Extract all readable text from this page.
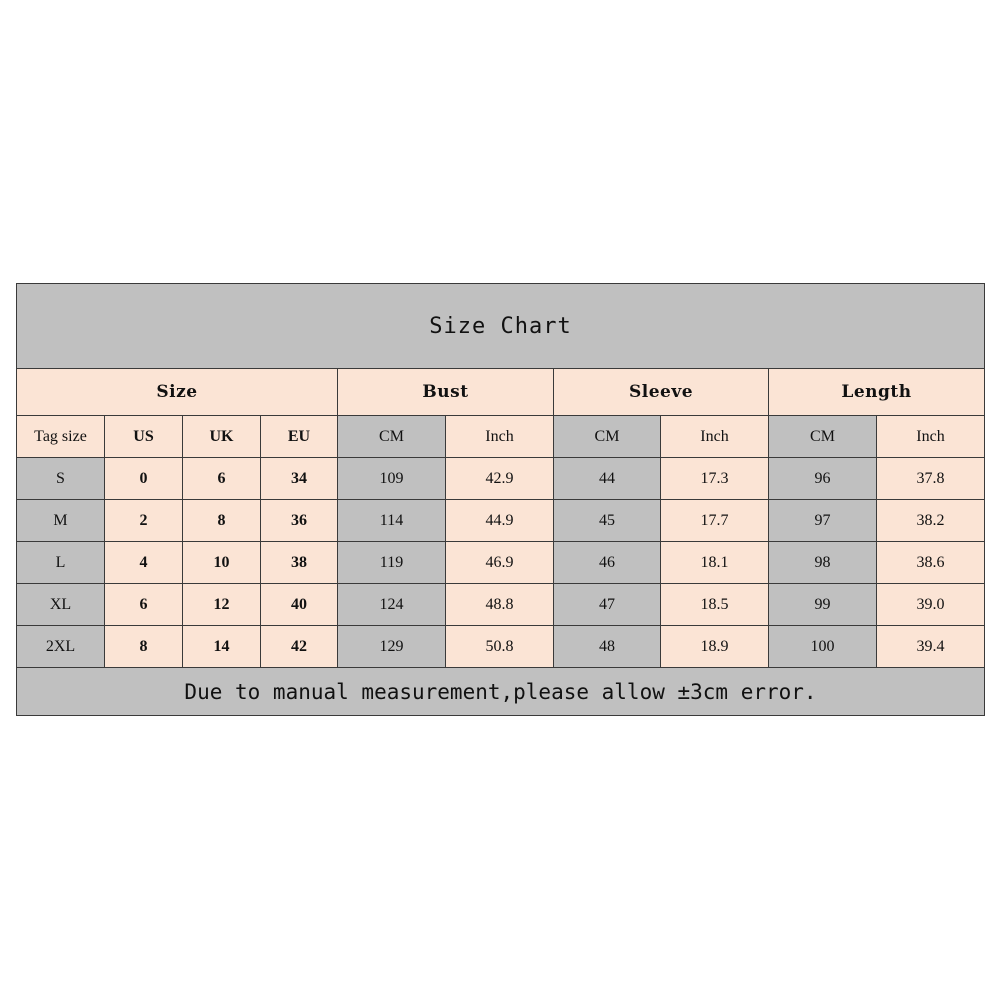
Size Chart									
Size				Bust		Sleeve		Length	
Tag size	US	UK	EU	CM	Inch	CM	Inch	CM	Inch
S	0	6	34	109	42.9	44	17.3	96	37.8
M	2	8	36	114	44.9	45	17.7	97	38.2
L	4	10	38	119	46.9	46	18.1	98	38.6
XL	6	12	40	124	48.8	47	18.5	99	39.0
2XL	8	14	42	129	50.8	48	18.9	100	39.4
Due to manual measurement,please allow ±3cm error.									
